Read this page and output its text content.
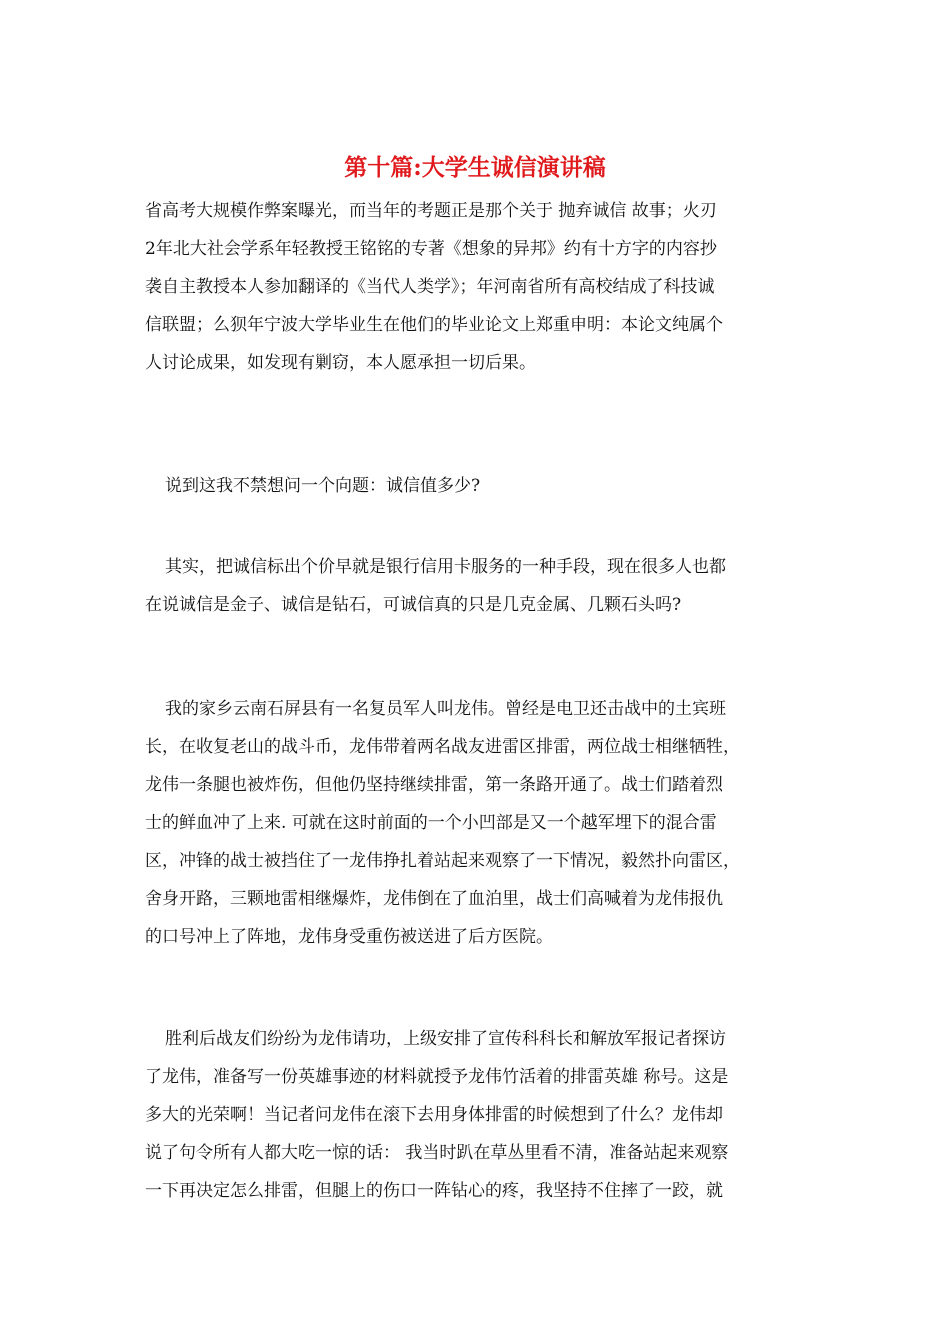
第十篇:大学生诚信演讲稿
省高考大规模作弊案曝光，而当年的考题正是那个关于 抛弃诚信 故事；火刃
2年北大社会学系年轻教授王铭铭的专著《想象的异邦》约有十方字的内容抄
袭自主教授本人参加翻译的《当代人类学》；年河南省所有高校结成了科技诚
信联盟；么狈年宁波大学毕业生在他们的毕业论文上郑重申明：本论文纯属个
人讨论成果，如发现有剿窃，本人愿承担一切后果。
说到这我不禁想问一个向题：诚信值多少?
其实，把诚信标出个价早就是银行信用卡服务的一种手段，现在很多人也都
在说诚信是金子、诚信是钻石，可诚信真的只是几克金属、几颗石头吗?
我的家乡云南石屏县有一名复员军人叫龙伟。曾经是电卫还击战中的土宾班
长，在收复老山的战斗币，龙伟带着两名战友进雷区排雷，两位战士相继牺牲，
龙伟一条腿也被炸伤，但他仍坚持继续排雷，第一条路开通了。战士们踏着烈
士的鲜血冲了上来. 可就在这时前面的一个小凹部是又一个越军埋下的混合雷
区，冲锋的战士被挡住了一龙伟挣扎着站起来观察了一下情况，毅然扑向雷区，
舍身开路，三颗地雷相继爆炸，龙伟倒在了血泊里，战士们高喊着为龙伟报仇
的口号冲上了阵地，龙伟身受重伤被送进了后方医院。
胜利后战友们纷纷为龙伟请功，上级安排了宣传科科长和解放军报记者探访
了龙伟，准备写一份英雄事迹的材料就授予龙伟竹活着的排雷英雄 称号。这是
多大的光荣啊！当记者问龙伟在滚下去用身体排雷的时候想到了什么？龙伟却
说了句令所有人都大吃一惊的话： 我当时趴在草丛里看不清，准备站起来观察
一下再决定怎么排雷，但腿上的伤口一阵钻心的疼，我坚持不住摔了一跤，就
